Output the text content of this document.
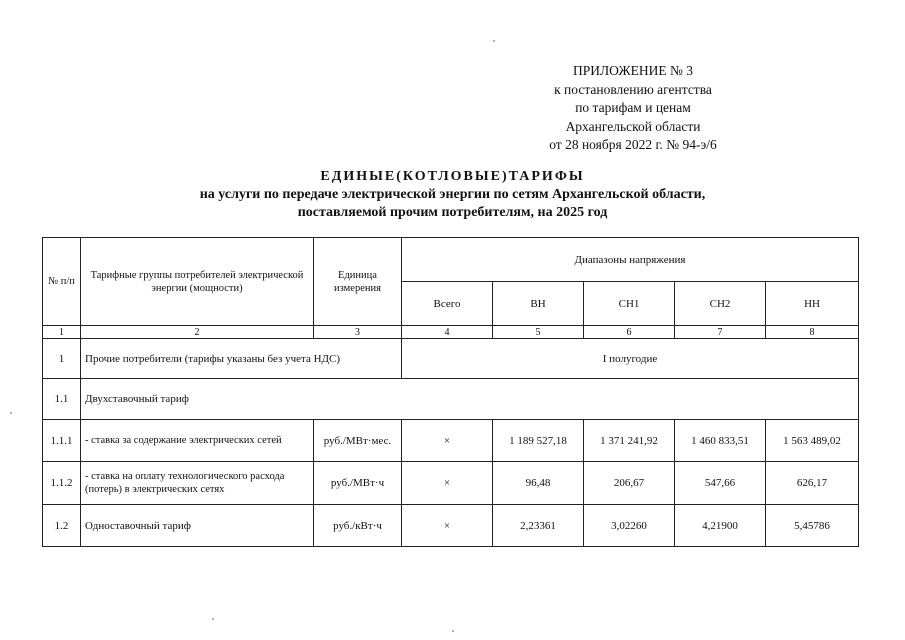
ПРИЛОЖЕНИЕ № 3
к постановлению агентства
по тарифам и ценам
Архангельской области
от 28 ноября 2022 г. № 94-э/6
ЕДИНЫЕ(КОТЛОВЫЕ)ТАРИФЫ
на услуги по передаче электрической энергии по сетям Архангельской области,
поставляемой прочим потребителям, на 2025 год
№ п/п	Тарифные группы потребителей электрической энергии (мощности)	Единица измерения	Диапазоны напряжения				
			Всего	ВН	СН1	СН2	НН
1	2	3	4	5	6	7	8
1	Прочие потребители (тарифы указаны без учета НДС)		I полугодие				
1.1	Двухставочный тариф						
1.1.1	- ставка за содержание электрических сетей	руб./МВт·мес.	×	1 189 527,18	1 371 241,92	1 460 833,51	1 563 489,02
1.1.2	- ставка на оплату технологического расхода (потерь) в электрических сетях	руб./МВт·ч	×	96,48	206,67	547,66	626,17
1.2	Одноставочный тариф	руб./кВт·ч	×	2,23361	3,02260	4,21900	5,45786
